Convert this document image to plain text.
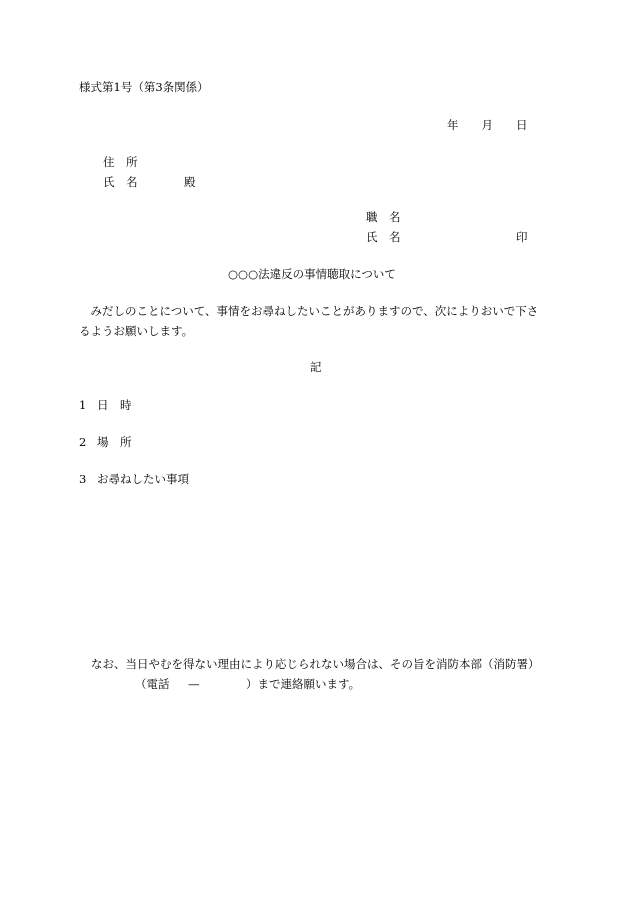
様式第1号（第3条関係）
年　　月　　日
住　所
氏　名	殿
職　名
氏　名	印
○○○法違反の事情聴取について
　みだしのことについて、事情をお尋ねしたいことがありますので、次によりおいで下さ
るようお願いします。
記
1 日　時
2 場　所
3 お尋ねしたい事項
なお、当日やむを得ない理由により応じられない場合は、その旨を消防本部（消防署）
（電話 —	）まで連絡願います。
